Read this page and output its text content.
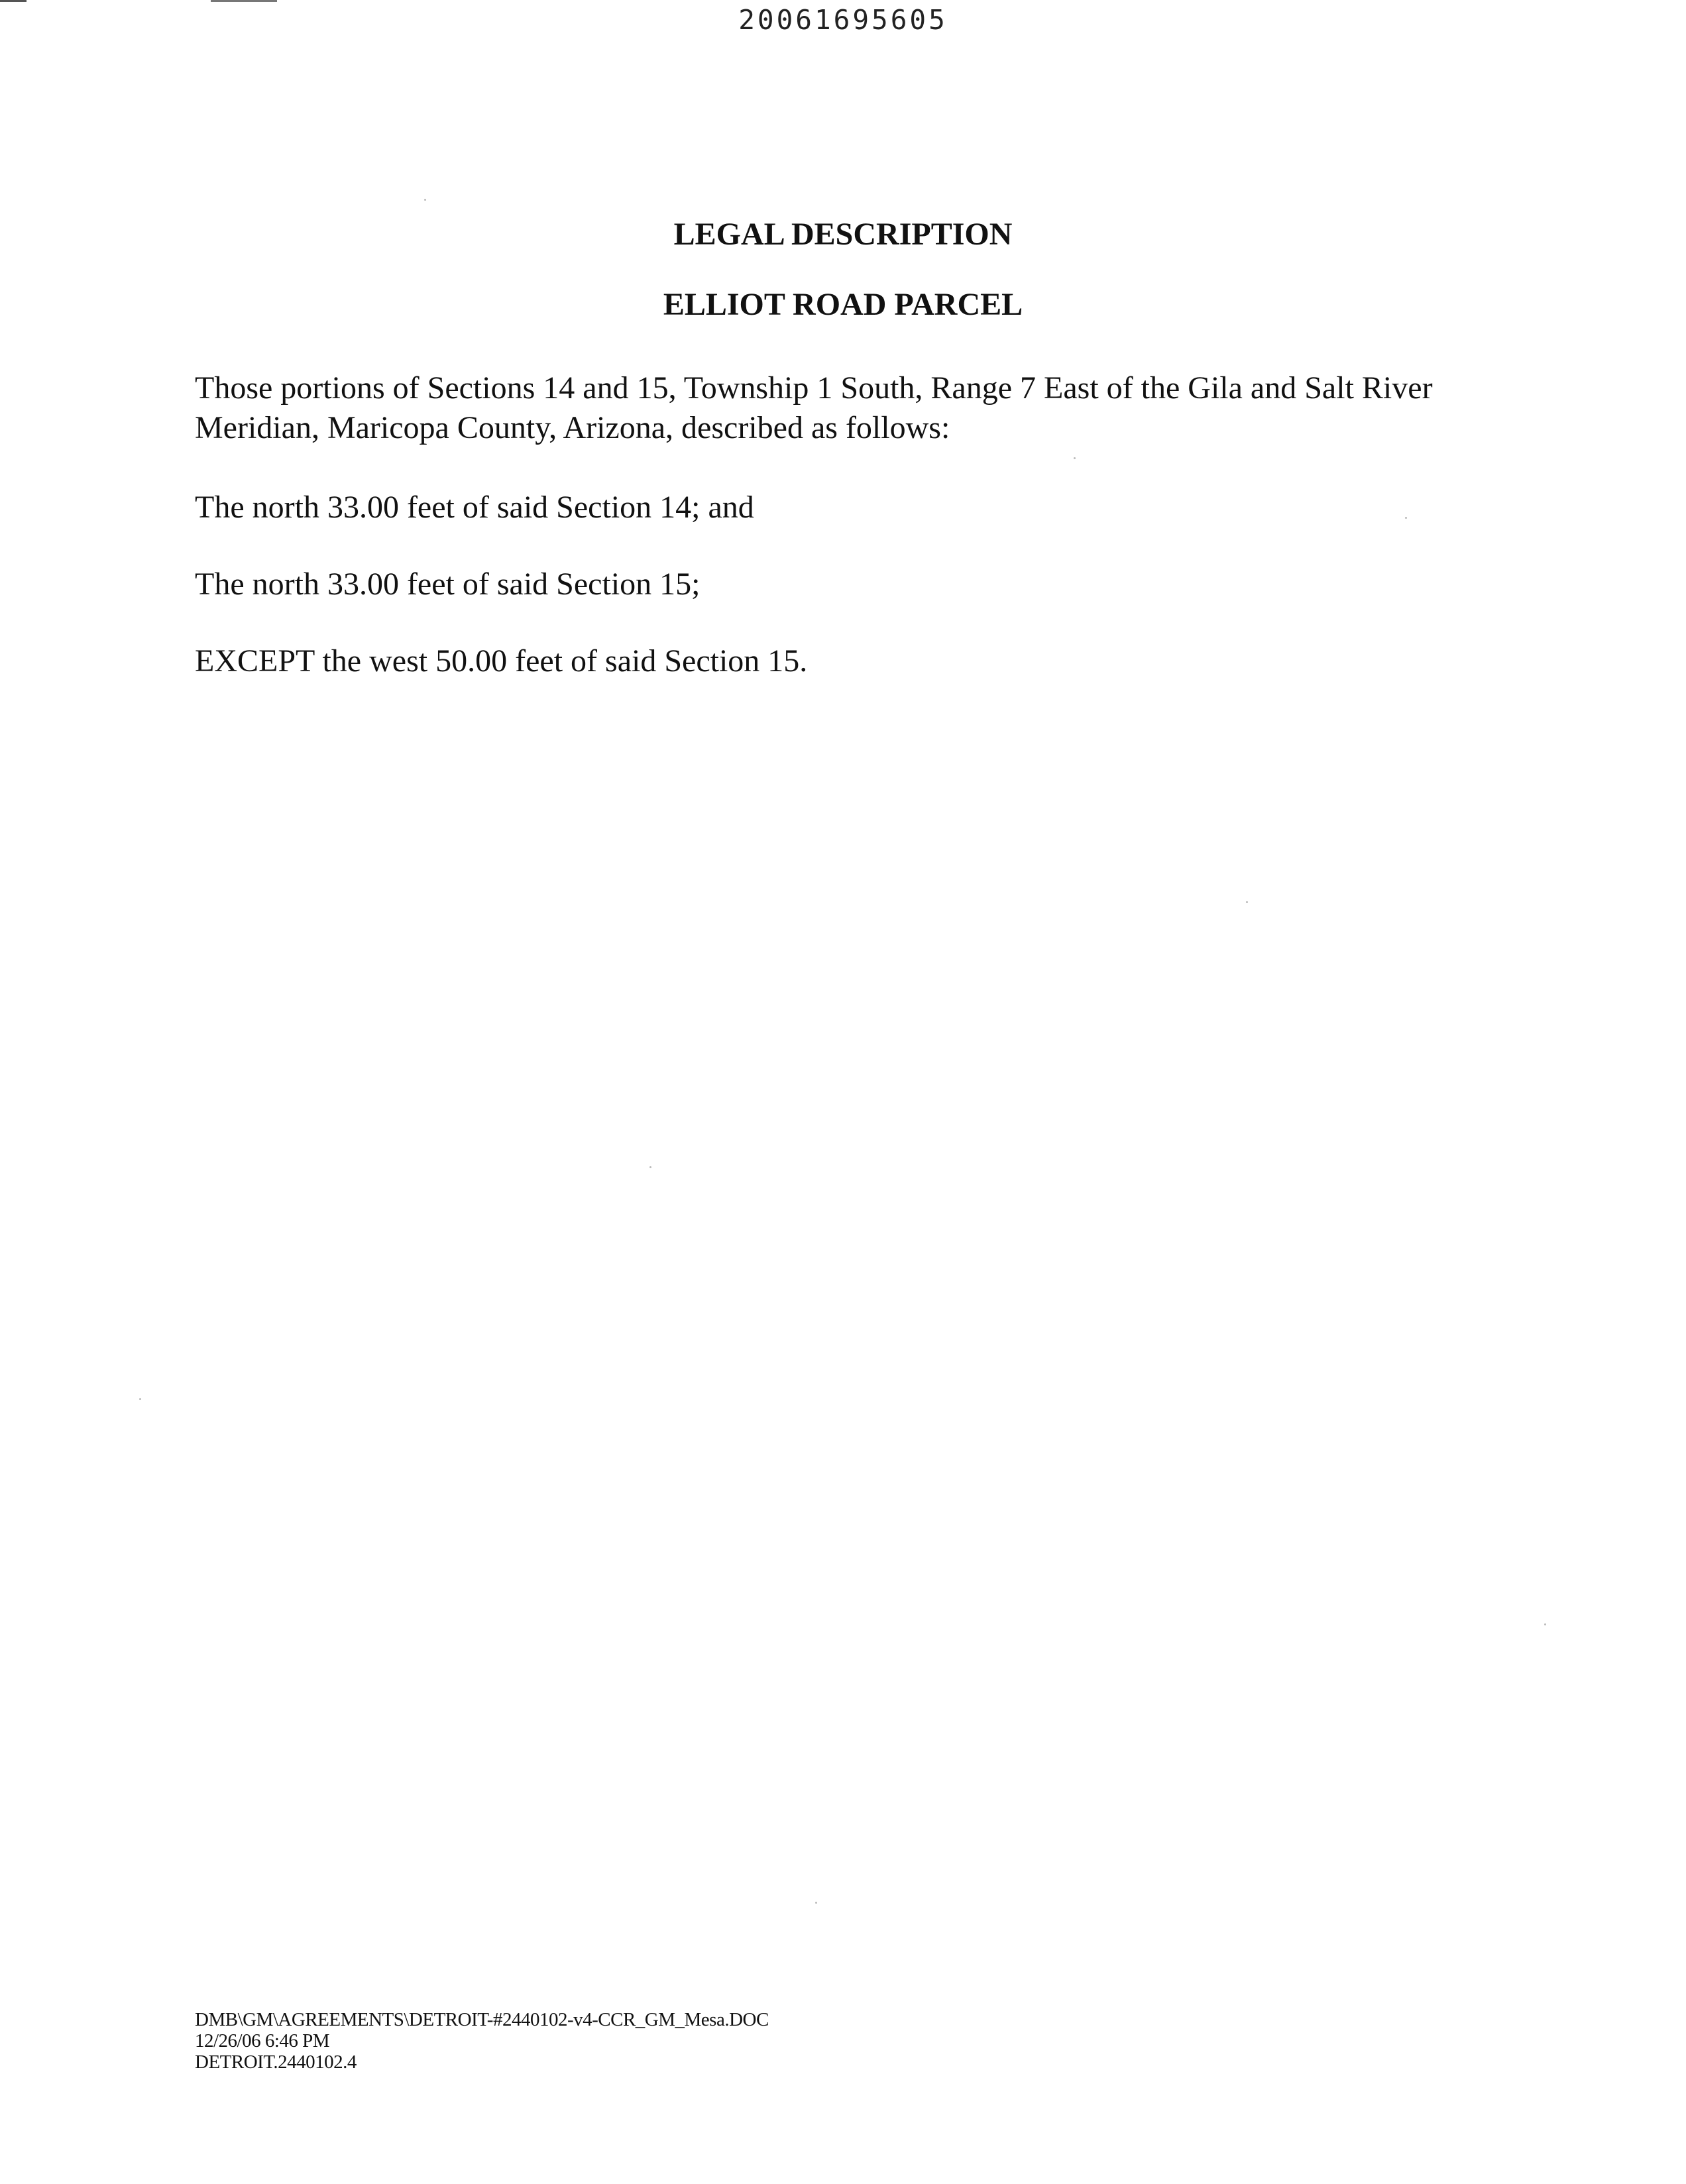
20061695605
LEGAL DESCRIPTION
ELLIOT ROAD PARCEL

Those portions of Sections 14 and 15, Township 1 South, Range 7 East of the Gila and Salt River Meridian, Maricopa County, Arizona, described as follows:

The north 33.00 feet of said Section 14; and

The north 33.00 feet of said Section 15;

EXCEPT the west 50.00 feet of said Section 15.

DMB\GM\AGREEMENTS\DETROIT-#2440102-v4-CCR_GM_Mesa.DOC
12/26/06 6:46 PM
DETROIT.2440102.4
